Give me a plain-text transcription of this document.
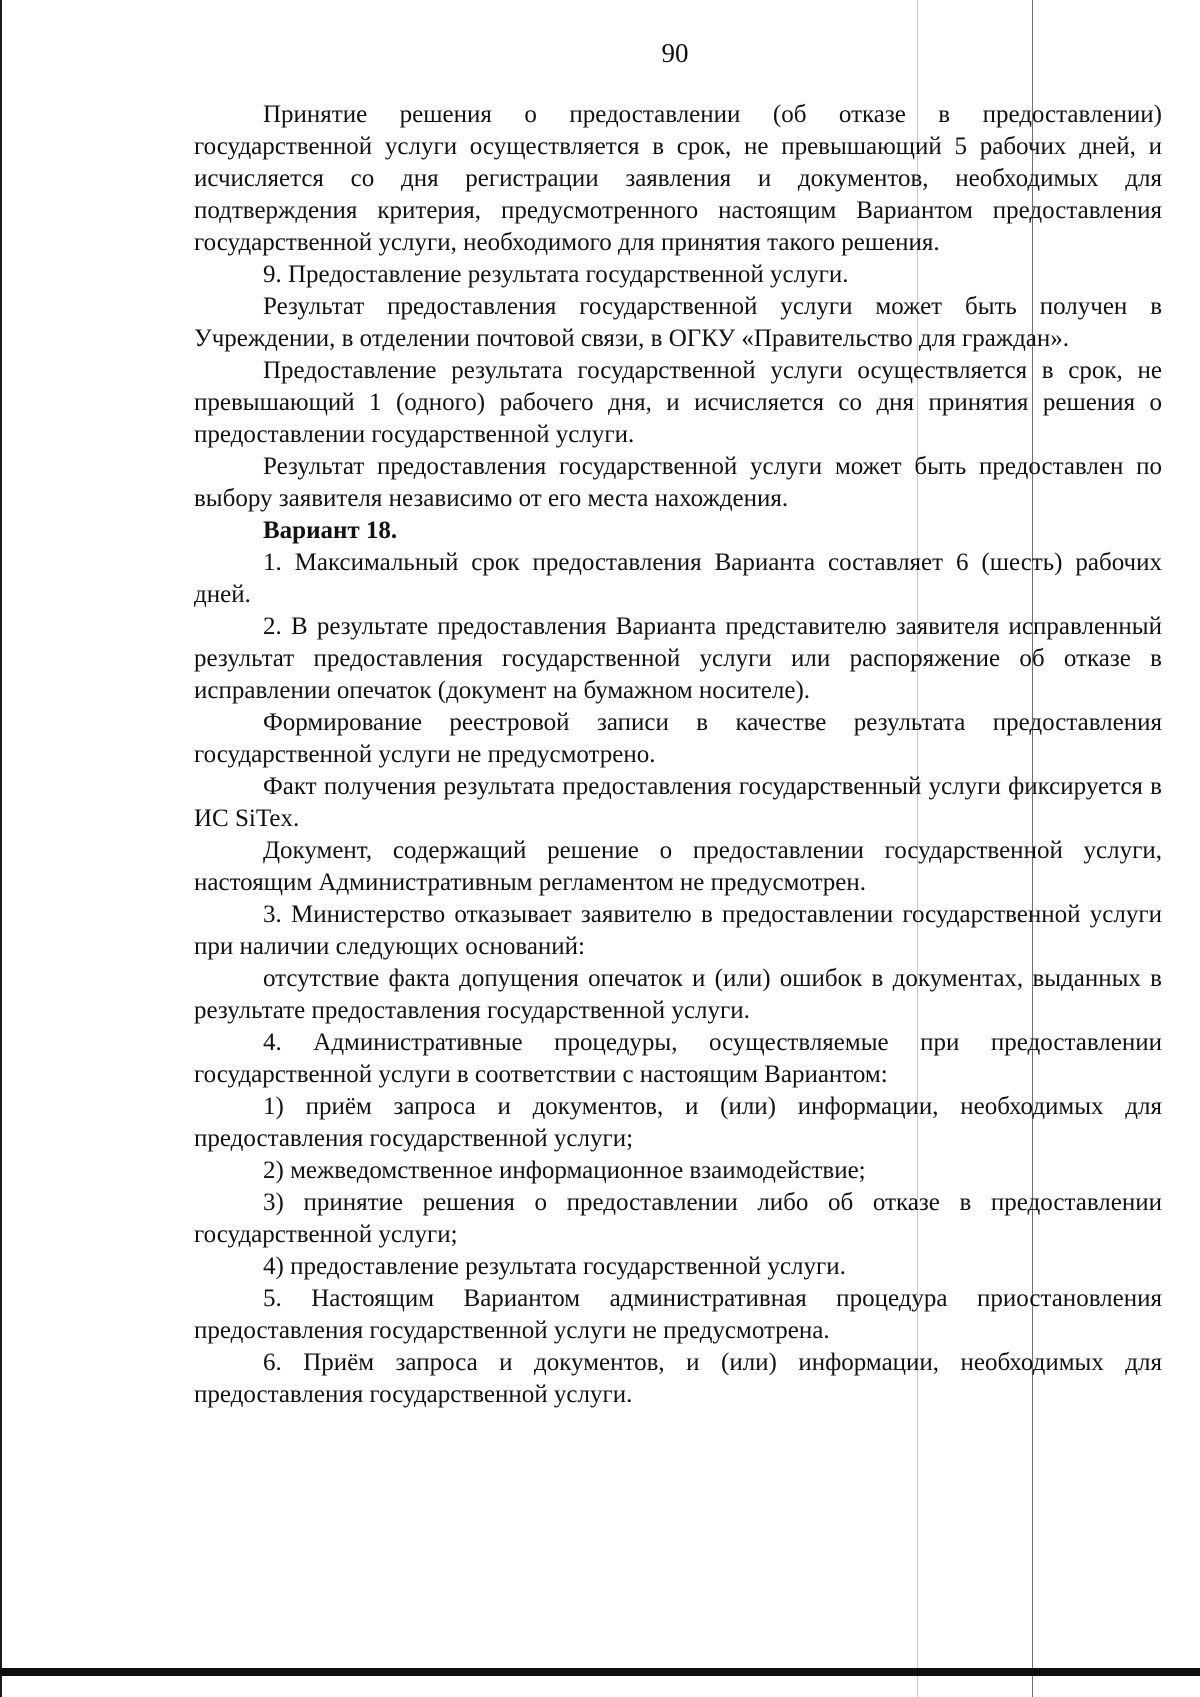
90

Принятие решения о предоставлении (об отказе в предоставлении) государственной услуги осуществляется в срок, не превышающий 5 рабочих дней, и исчисляется со дня регистрации заявления и документов, необходимых для подтверждения критерия, предусмотренного настоящим Вариантом предоставления государственной услуги, необходимого для принятия такого решения.

9. Предоставление результата государственной услуги.

Результат предоставления государственной услуги может быть получен в Учреждении, в отделении почтовой связи, в ОГКУ «Правительство для граждан».

Предоставление результата государственной услуги осуществляется в срок, не превышающий 1 (одного) рабочего дня, и исчисляется со дня принятия решения о предоставлении государственной услуги.

Результат предоставления государственной услуги может быть предоставлен по выбору заявителя независимо от его места нахождения.

Вариант 18.

1. Максимальный срок предоставления Варианта составляет 6 (шесть) рабочих дней.

2. В результате предоставления Варианта представителю заявителя исправленный результат предоставления государственной услуги или распоряжение об отказе в исправлении опечаток (документ на бумажном носителе).

Формирование реестровой записи в качестве результата предоставления государственной услуги не предусмотрено.

Факт получения результата предоставления государственный услуги фиксируется в ИС SiTex.

Документ, содержащий решение о предоставлении государственной услуги, настоящим Административным регламентом не предусмотрен.

3. Министерство отказывает заявителю в предоставлении государственной услуги при наличии следующих оснований:

отсутствие факта допущения опечаток и (или) ошибок в документах, выданных в результате предоставления государственной услуги.

4. Административные процедуры, осуществляемые при предоставлении государственной услуги в соответствии с настоящим Вариантом:

1) приём запроса и документов, и (или) информации, необходимых для предоставления государственной услуги;

2) межведомственное информационное взаимодействие;

3) принятие решения о предоставлении либо об отказе в предоставлении государственной услуги;

4) предоставление результата государственной услуги.

5. Настоящим Вариантом административная процедура приостановления предоставления государственной услуги не предусмотрена.

6. Приём запроса и документов, и (или) информации, необходимых для предоставления государственной услуги.
